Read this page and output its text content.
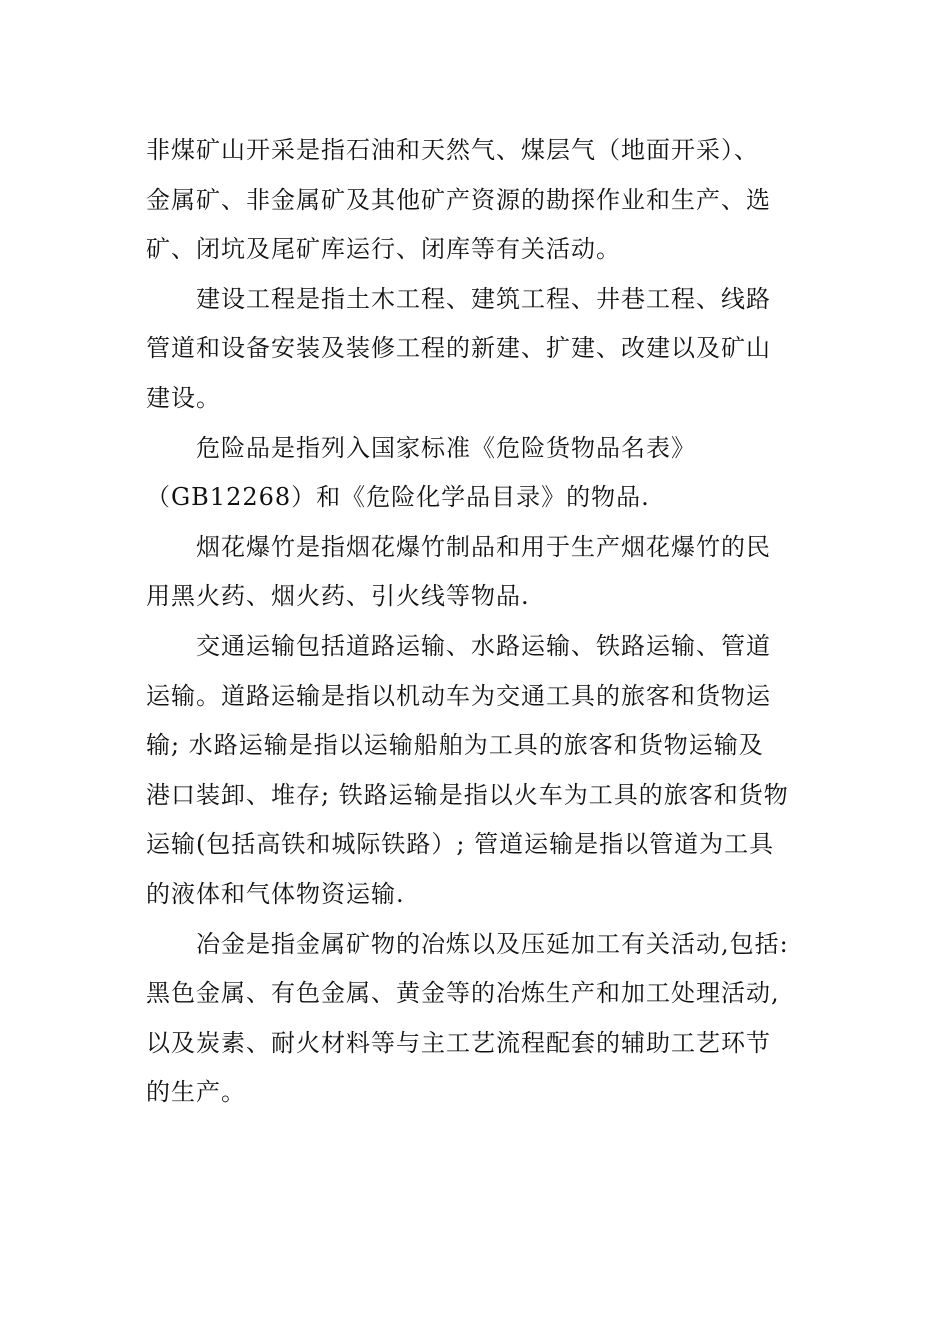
非煤矿山开采是指石油和天然气、煤层气（地面开采）、
金属矿、非金属矿及其他矿产资源的勘探作业和生产、选
矿、闭坑及尾矿库运行、闭库等有关活动。
建设工程是指土木工程、建筑工程、井巷工程、线路
管道和设备安装及装修工程的新建、扩建、改建以及矿山
建设。
危险品是指列入国家标准《危险货物品名表》
（GB12268）和《危险化学品目录》的物品.
烟花爆竹是指烟花爆竹制品和用于生产烟花爆竹的民
用黑火药、烟火药、引火线等物品.
交通运输包括道路运输、水路运输、铁路运输、管道
运输。道路运输是指以机动车为交通工具的旅客和货物运
输; 水路运输是指以运输船舶为工具的旅客和货物运输及
港口装卸、堆存; 铁路运输是指以火车为工具的旅客和货物
运输(包括高铁和城际铁路）; 管道运输是指以管道为工具
的液体和气体物资运输.
冶金是指金属矿物的冶炼以及压延加工有关活动,包括:
黑色金属、有色金属、黄金等的冶炼生产和加工处理活动,
以及炭素、耐火材料等与主工艺流程配套的辅助工艺环节
的生产。
